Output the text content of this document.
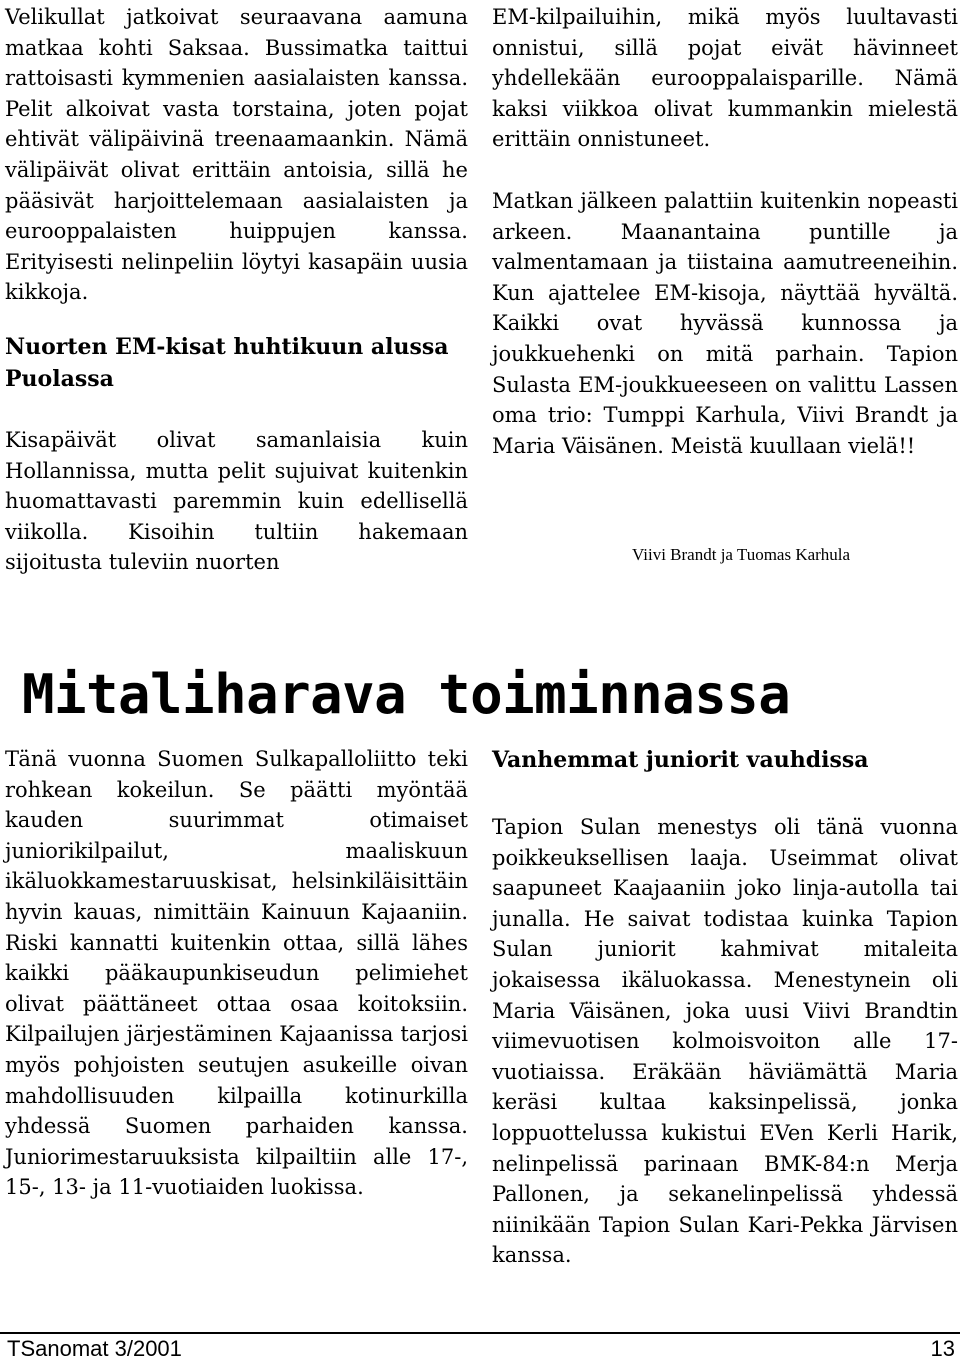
Velikullat jatkoivat seuraavana aamuna matkaa kohti Saksaa. Bussimatka taittui rattoisasti kymmenien aasialaisten kanssa. Pelit alkoivat vasta torstaina, joten pojat ehtivät välipäivinä treenaamaankin. Nämä välipäivät olivat erittäin antoisia, sillä he pääsivät harjoittelemaan aasialaisten ja eurooppalaisten huippujen kanssa. Erityisesti nelinpeliin löytyi kasapäin uusia kikkoja.

Nuorten EM-kisat huhtikuun alussa Puolassa

Kisapäivät olivat samanlaisia kuin Hollannissa, mutta pelit sujuivat kuitenkin huomattavasti paremmin kuin edellisellä viikolla. Kisoihin tultiin hakemaan sijoitusta tuleviin nuorten

EM-kilpailuihin, mikä myös luultavasti onnistui, sillä pojat eivät hävinneet yhdellekään eurooppalaisparille. Nämä kaksi viikkoa olivat kummankin mielestä erittäin onnistuneet.

Matkan jälkeen palattiin kuitenkin nopeasti arkeen. Maanantaina puntille ja valmentamaan ja tiistaina aamutreeneihin. Kun ajattelee EM-kisoja, näyttää hyvältä. Kaikki ovat hyvässä kunnossa ja joukkuehenki on mitä parhain. Tapion Sulasta EM-joukkueeseen on valittu Lassen oma trio: Tumppi Karhula, Viivi Brandt ja Maria Väisänen. Meistä kuullaan vielä!!

Viivi Brandt ja Tuomas Karhula
Mitaliharava toiminnassa

Tänä vuonna Suomen Sulkapalloliitto teki rohkean kokeilun. Se päätti myöntää kauden suurimmat otimaiset juniorikilpailut, maaliskuun ikäluokkamestaruuskisat, helsinkiläisittäin hyvin kauas, nimittäin Kainuun Kajaaniin. Riski kannatti kuitenkin ottaa, sillä lähes kaikki pääkaupunkiseudun pelimiehet olivat päättäneet ottaa osaa koitoksiin. Kilpailujen järjestäminen Kajaanissa tarjosi myös pohjoisten seutujen asukeille oivan mahdollisuuden kilpailla kotinurkilla yhdessä Suomen parhaiden kanssa. Juniorimestaruuksista kilpailtiin alle 17-, 15-, 13- ja 11-vuotiaiden luokissa.

Vanhemmat juniorit vauhdissa

Tapion Sulan menestys oli tänä vuonna poikkeuksellisen laaja. Useimmat olivat saapuneet Kaajaaniin joko linja-autolla tai junalla. He saivat todistaa kuinka Tapion Sulan juniorit kahmivat mitaleita jokaisessa ikäluokassa. Menestynein oli Maria Väisänen, joka uusi Viivi Brandtin viimevuotisen kolmoisvoiton alle 17-vuotiaissa. Eräkään häviämättä Maria keräsi kultaa kaksinpelissä, jonka loppuottelussa kukistui EVen Kerli Harik, nelinpelissä parinaan BMK-84:n Merja Pallonen, ja sekanelinpelissä yhdessä niinikään Tapion Sulan Kari-Pekka Järvisen kanssa.

TSanomat 3/2001	13
